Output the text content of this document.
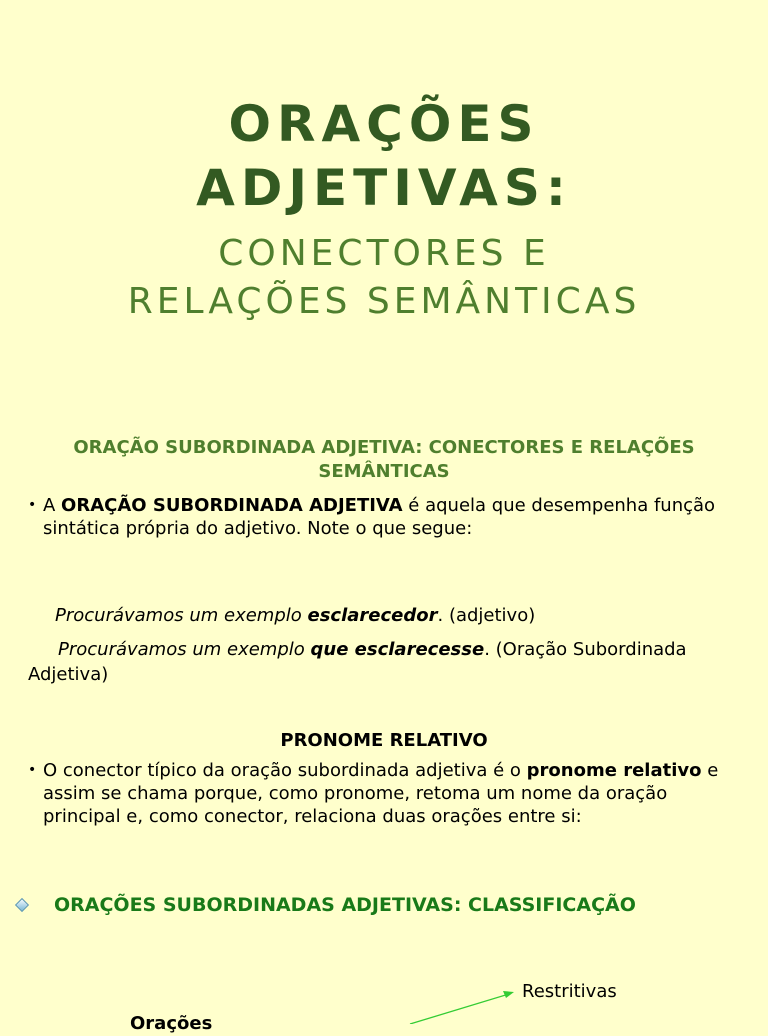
ORAÇÕES
ADJETIVAS:
CONECTORES E
RELAÇÕES SEMÂNTICAS
ORAÇÃO SUBORDINADA ADJETIVA: CONECTORES E RELAÇÕES SEMÂNTICAS
• A ORAÇÃO SUBORDINADA ADJETIVA é aquela que desempenha função sintática própria do adjetivo. Note o que segue:
Procurávamos um exemplo esclarecedor. (adjetivo)
Procurávamos um exemplo que esclarecesse. (Oração Subordinada Adjetiva)
PRONOME RELATIVO
• O conector típico da oração subordinada adjetiva é o pronome relativo e assim se chama porque, como pronome, retoma um nome da oração principal e, como conector, relaciona duas orações entre si:
ORAÇÕES SUBORDINADAS ADJETIVAS: CLASSIFICAÇÃO
Restritivas
Orações
